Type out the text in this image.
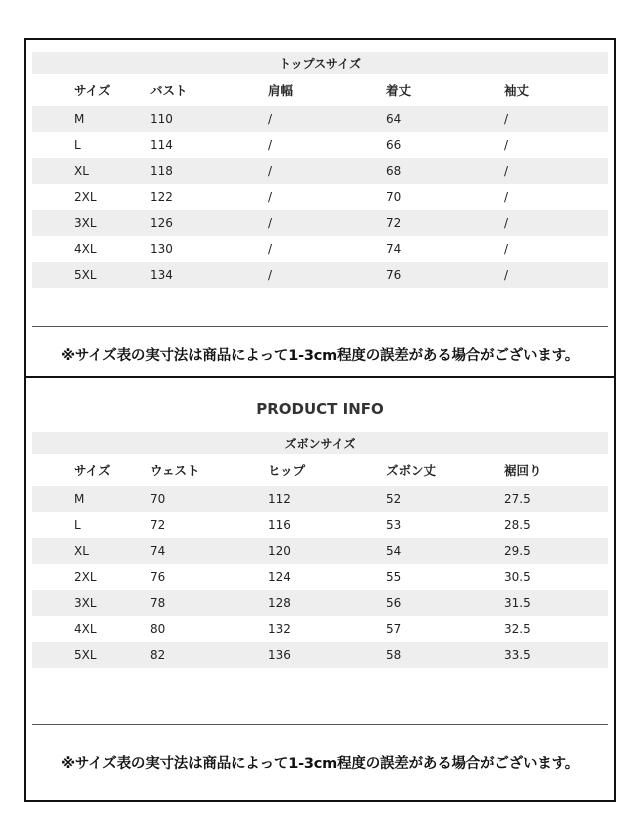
トップスサイズ
サイズ	バスト	肩幅	着丈	袖丈
M	110	/	64	/
L	114	/	66	/
XL	118	/	68	/
2XL	122	/	70	/
3XL	126	/	72	/
4XL	130	/	74	/
5XL	134	/	76	/
※サイズ表の実寸法は商品によって1-3cm程度の誤差がある場合がございます。
PRODUCT INFO
ズボンサイズ
サイズ	ウェスト	ヒップ	ズボン丈	裾回り
M	70	112	52	27.5
L	72	116	53	28.5
XL	74	120	54	29.5
2XL	76	124	55	30.5
3XL	78	128	56	31.5
4XL	80	132	57	32.5
5XL	82	136	58	33.5
※サイズ表の実寸法は商品によって1-3cm程度の誤差がある場合がございます。
